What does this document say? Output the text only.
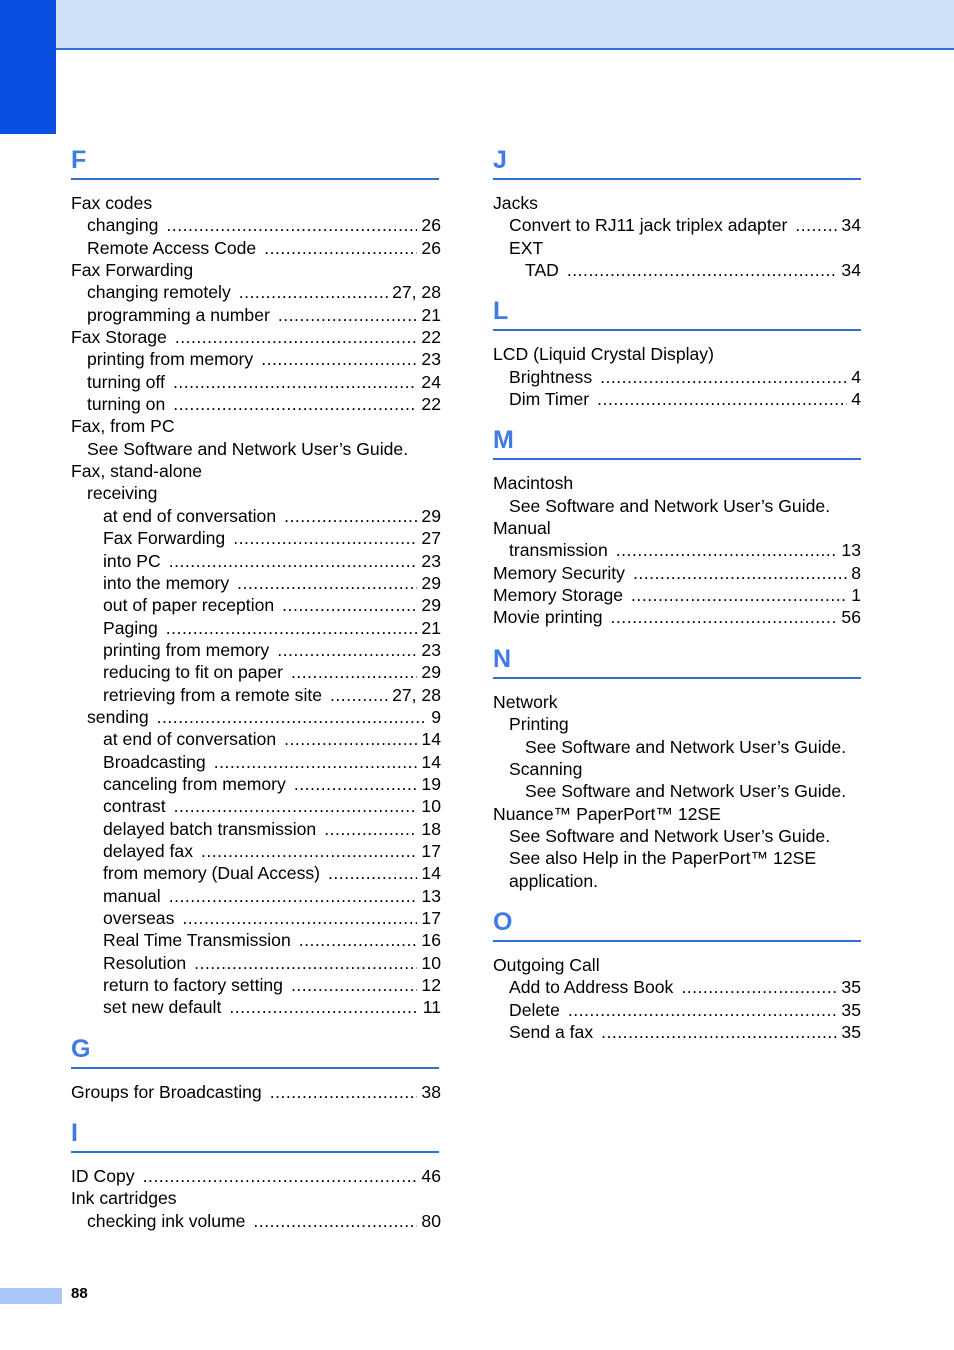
F
Fax codes
changing .....	26
Remote Access Code .....	26
Fax Forwarding
changing remotely .....	27, 28
programming a number .....	21
Fax Storage .....	22
printing from memory .....	23
turning off .....	24
turning on .....	22
Fax, from PC
See Software and Network User’s Guide.
Fax, stand-alone
receiving
at end of conversation .....	29
Fax Forwarding .....	27
into PC .....	23
into the memory .....	29
out of paper reception .....	29
Paging .....	21
printing from memory .....	23
reducing to fit on paper .....	29
retrieving from a remote site .....	27, 28
sending .....	9
at end of conversation .....	14
Broadcasting .....	14
canceling from memory .....	19
contrast .....	10
delayed batch transmission .....	18
delayed fax .....	17
from memory (Dual Access) .....	14
manual .....	13
overseas .....	17
Real Time Transmission .....	16
Resolution .....	10
return to factory setting .....	12
set new default .....	11
G
Groups for Broadcasting .....	38
I
ID Copy .....	46
Ink cartridges
checking ink volume .....	80
J
Jacks
Convert to RJ11 jack triplex adapter .....	34
EXT
TAD .....	34
L
LCD (Liquid Crystal Display)
Brightness .....	4
Dim Timer .....	4
M
Macintosh
See Software and Network User’s Guide.
Manual
transmission .....	13
Memory Security .....	8
Memory Storage .....	1
Movie printing .....	56
N
Network
Printing
See Software and Network User’s Guide.
Scanning
See Software and Network User’s Guide.
Nuance™ PaperPort™ 12SE
See Software and Network User’s Guide.
See also Help in the PaperPort™ 12SE
application.
O
Outgoing Call
Add to Address Book .....	35
Delete .....	35
Send a fax .....	35
88
